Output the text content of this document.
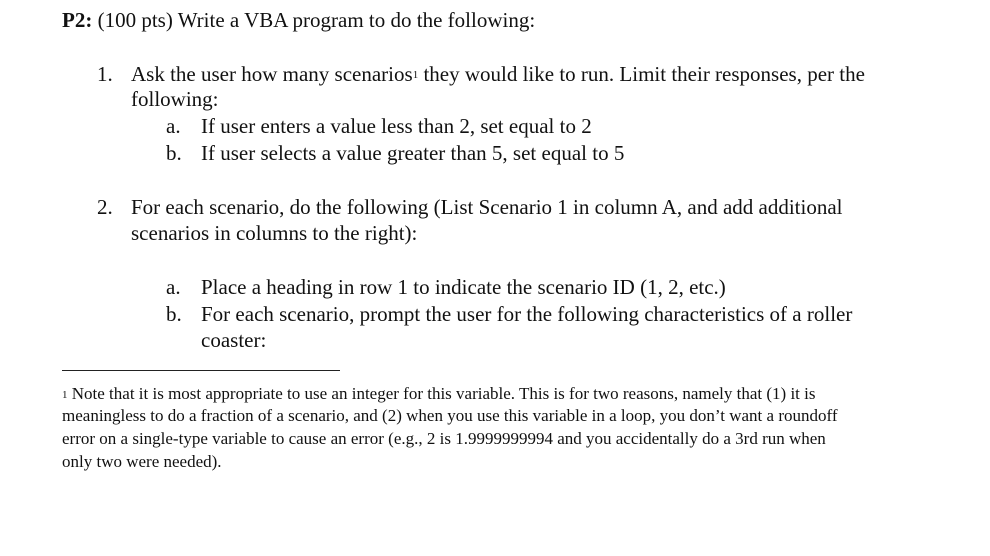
P2: (100 pts) Write a VBA program to do the following:
1. Ask the user how many scenarios$^1$ they would like to run. Limit their responses, per the
following:
a. If user enters a value less than 2, set equal to 2
b. If user selects a value greater than 5, set equal to 5
2. For each scenario, do the following (List Scenario 1 in column A, and add additional
scenarios in columns to the right):
a. Place a heading in row 1 to indicate the scenario ID (1, 2, etc.)
b. For each scenario, prompt the user for the following characteristics of a roller
coaster:
$^1$ Note that it is most appropriate to use an integer for this variable. This is for two reasons, namely that (1) it is
meaningless to do a fraction of a scenario, and (2) when you use this variable in a loop, you don’t want a roundoff
error on a single-type variable to cause an error (e.g., 2 is 1.9999999994 and you accidentally do a 3rd run when
only two were needed).
